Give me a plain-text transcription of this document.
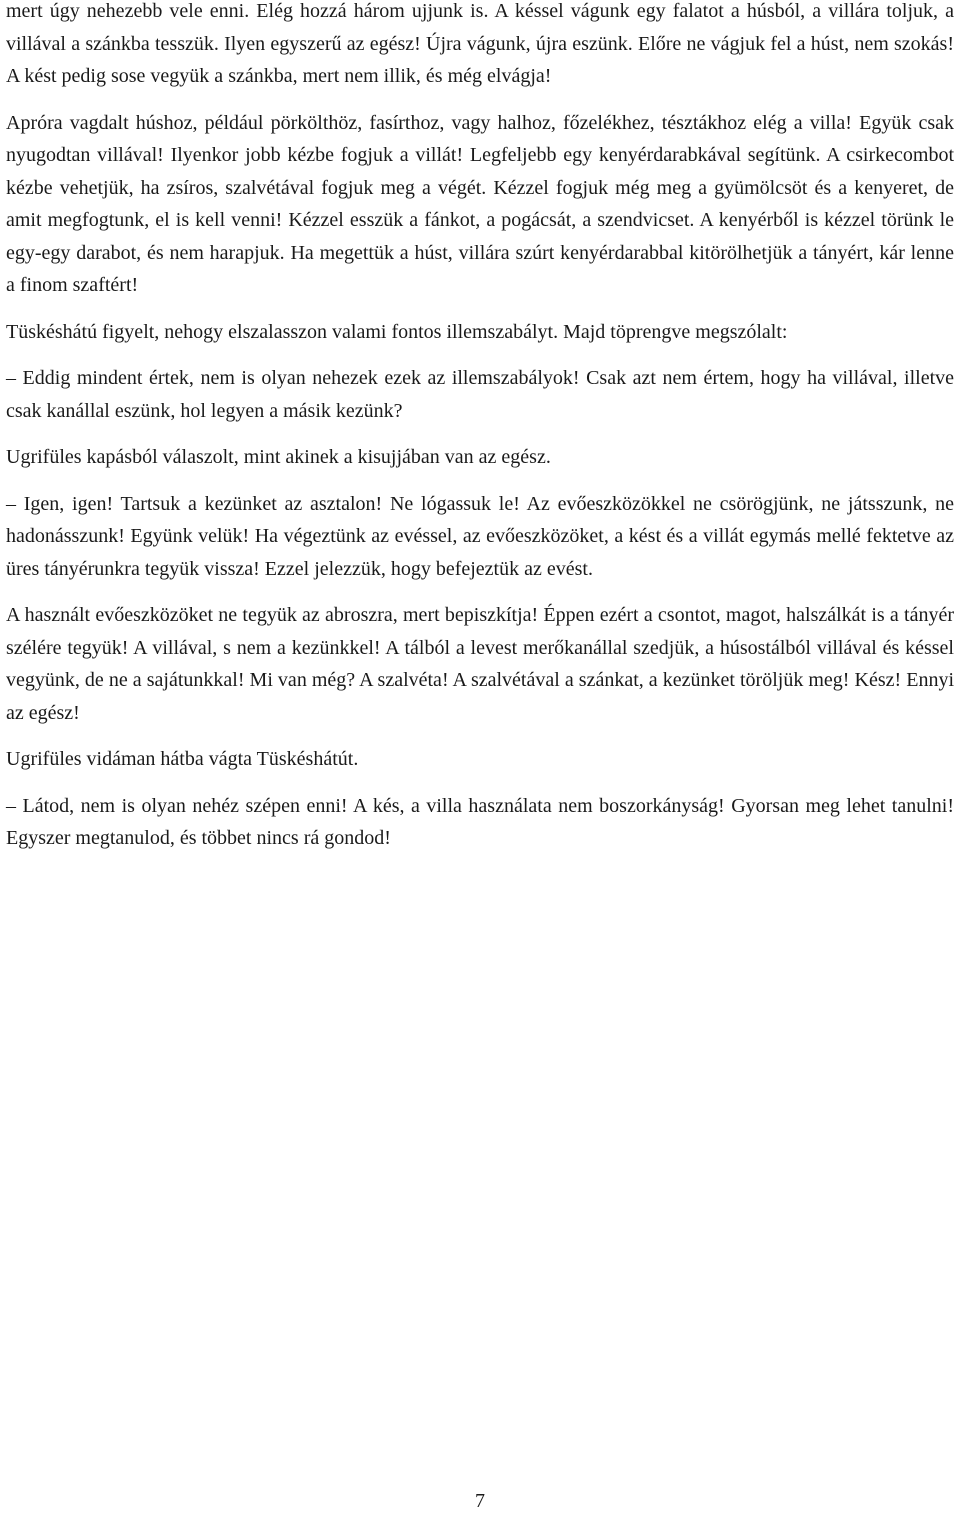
mert úgy nehezebb vele enni. Elég hozzá három ujjunk is. A késsel vágunk egy falatot a húsból, a villára toljuk, a villával a szánkba tesszük. Ilyen egyszerű az egész! Újra vágunk, újra eszünk. Előre ne vágjuk fel a húst, nem szokás! A kést pedig sose vegyük a szánkba, mert nem illik, és még elvágja!

Apróra vagdalt húshoz, például pörkölthöz, fasírthoz, vagy halhoz, főzelékhez, tésztákhoz elég a villa! Együk csak nyugodtan villával! Ilyenkor jobb kézbe fogjuk a villát! Legfeljebb egy kenyérdarabkával segítünk. A csirkecombot kézbe vehetjük, ha zsíros, szalvétával fogjuk meg a végét. Kézzel fogjuk még meg a gyümölcsöt és a kenyeret, de amit megfogtunk, el is kell venni! Kézzel esszük a fánkot, a pogácsát, a szendvicset. A kenyérből is kézzel törünk le egy-egy darabot, és nem harapjuk. Ha megettük a húst, villára szúrt kenyérdarabbal kitörölhetjük a tányért, kár lenne a finom szaftért!

Tüskéshátú figyelt, nehogy elszalasszon valami fontos illemszabályt. Majd töprengve megszólalt:

– Eddig mindent értek, nem is olyan nehezek ezek az illemszabályok! Csak azt nem értem, hogy ha villával, illetve csak kanállal eszünk, hol legyen a másik kezünk?

Ugrifüles kapásból válaszolt, mint akinek a kisujjában van az egész.

– Igen, igen! Tartsuk a kezünket az asztalon! Ne lógassuk le! Az evőeszközökkel ne csörögjünk, ne játsszunk, ne hadonásszunk! Együnk velük! Ha végeztünk az evéssel, az evőeszközöket, a kést és a villát egymás mellé fektetve az üres tányérunkra tegyük vissza! Ezzel jelezzük, hogy befejeztük az evést.

A használt evőeszközöket ne tegyük az abroszra, mert bepiszkítja! Éppen ezért a csontot, magot, halszálkát is a tányér szélére tegyük! A villával, s nem a kezünkkel! A tálból a levest merőkanállal szedjük, a húsostálból villával és késsel vegyünk, de ne a sajátunkkal! Mi van még? A szalvéta! A szalvétával a szánkat, a kezünket töröljük meg! Kész! Ennyi az egész!

Ugrifüles vidáman hátba vágta Tüskéshátút.

– Látod, nem is olyan nehéz szépen enni! A kés, a villa használata nem boszorkányság! Gyorsan meg lehet tanulni! Egyszer megtanulod, és többet nincs rá gondod!

7
